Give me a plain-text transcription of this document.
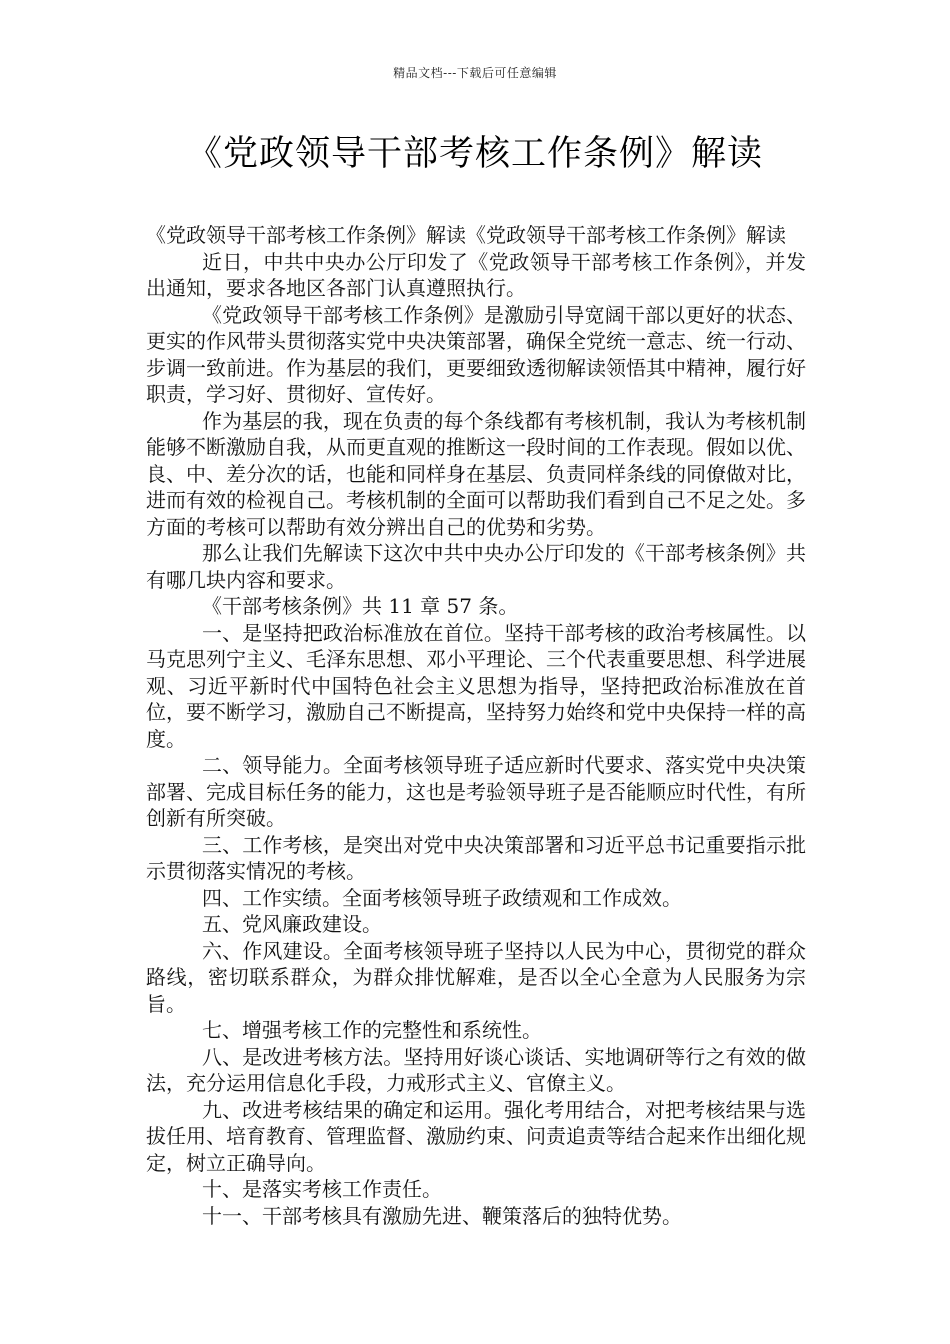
精品文档---下载后可任意编辑
《党政领导干部考核工作条例》解读

《党政领导干部考核工作条例》解读《党政领导干部考核工作条例》解读

近日，中共中央办公厅印发了《党政领导干部考核工作条例》，并发出通知，要求各地区各部门认真遵照执行。

《党政领导干部考核工作条例》是激励引导宽阔干部以更好的状态、更实的作风带头贯彻落实党中央决策部署，确保全党统一意志、统一行动、步调一致前进。作为基层的我们，更要细致透彻解读领悟其中精神，履行好职责，学习好、贯彻好、宣传好。

作为基层的我，现在负责的每个条线都有考核机制，我认为考核机制能够不断激励自我，从而更直观的推断这一段时间的工作表现。假如以优、良、中、差分次的话，也能和同样身在基层、负责同样条线的同僚做对比，进而有效的检视自己。考核机制的全面可以帮助我们看到自己不足之处。多方面的考核可以帮助有效分辨出自己的优势和劣势。

那么让我们先解读下这次中共中央办公厅印发的《干部考核条例》共有哪几块内容和要求。

《干部考核条例》共 11 章 57 条。

一、是坚持把政治标准放在首位。坚持干部考核的政治考核属性。以马克思列宁主义、毛泽东思想、邓小平理论、三个代表重要思想、科学进展观、习近平新时代中国特色社会主义思想为指导，坚持把政治标准放在首位，要不断学习，激励自己不断提高，坚持努力始终和党中央保持一样的高度。

二、领导能力。全面考核领导班子适应新时代要求、落实党中央决策部署、完成目标任务的能力，这也是考验领导班子是否能顺应时代性，有所创新有所突破。

三、工作考核，是突出对党中央决策部署和习近平总书记重要指示批示贯彻落实情况的考核。

四、工作实绩。全面考核领导班子政绩观和工作成效。

五、党风廉政建设。

六、作风建设。全面考核领导班子坚持以人民为中心，贯彻党的群众路线，密切联系群众，为群众排忧解难，是否以全心全意为人民服务为宗旨。

七、增强考核工作的完整性和系统性。

八、是改进考核方法。坚持用好谈心谈话、实地调研等行之有效的做法，充分运用信息化手段，力戒形式主义、官僚主义。

九、改进考核结果的确定和运用。强化考用结合，对把考核结果与选拔任用、培育教育、管理监督、激励约束、问责追责等结合起来作出细化规定，树立正确导向。

十、是落实考核工作责任。

十一、干部考核具有激励先进、鞭策落后的独特优势。
